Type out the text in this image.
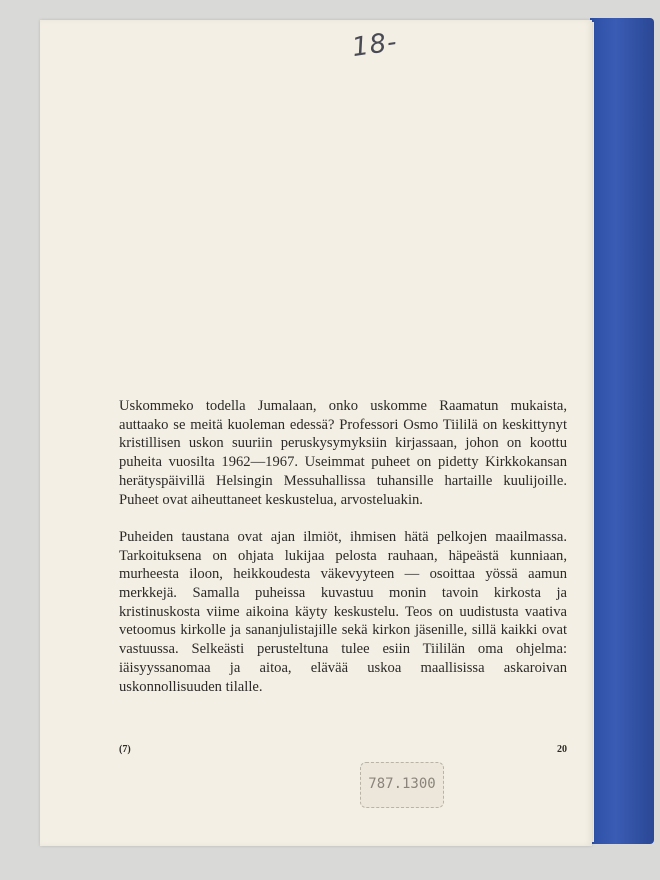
18-

Uskommeko todella Jumalaan, onko uskomme Raamatun mukaista, auttaako se meitä kuoleman edessä? Professori Osmo Tiililä on keskittynyt kristillisen uskon suuriin peruskysymyksiin kirjassaan, johon on koottu puheita vuosilta 1962—1967. Useimmat puheet on pidetty Kirkkokansan herätyspäivillä Helsingin Messuhallissa tuhansille hartaille kuulijoille. Puheet ovat aiheuttaneet keskustelua, arvosteluakin.

Puheiden taustana ovat ajan ilmiöt, ihmisen hätä pelkojen maailmassa. Tarkoituksena on ohjata lukijaa pelosta rauhaan, häpeästä kunniaan, murheesta iloon, heikkoudesta väkevyyteen — osoittaa yössä aamun merkkejä. Samalla puheissa kuvastuu monin tavoin kirkosta ja kristinuskosta viime aikoina käyty keskustelu. Teos on uudistusta vaativa vetoomus kirkolle ja sananjulistajille sekä kirkon jäsenille, sillä kaikki ovat vastuussa. Selkeästi perusteltuna tulee esiin Tiililän oma ohjelma: iäisyyssanomaa ja aitoa, elävää uskoa maallisissa askaroivan uskonnollisuuden tilalle.

(7)	20
787.1300
